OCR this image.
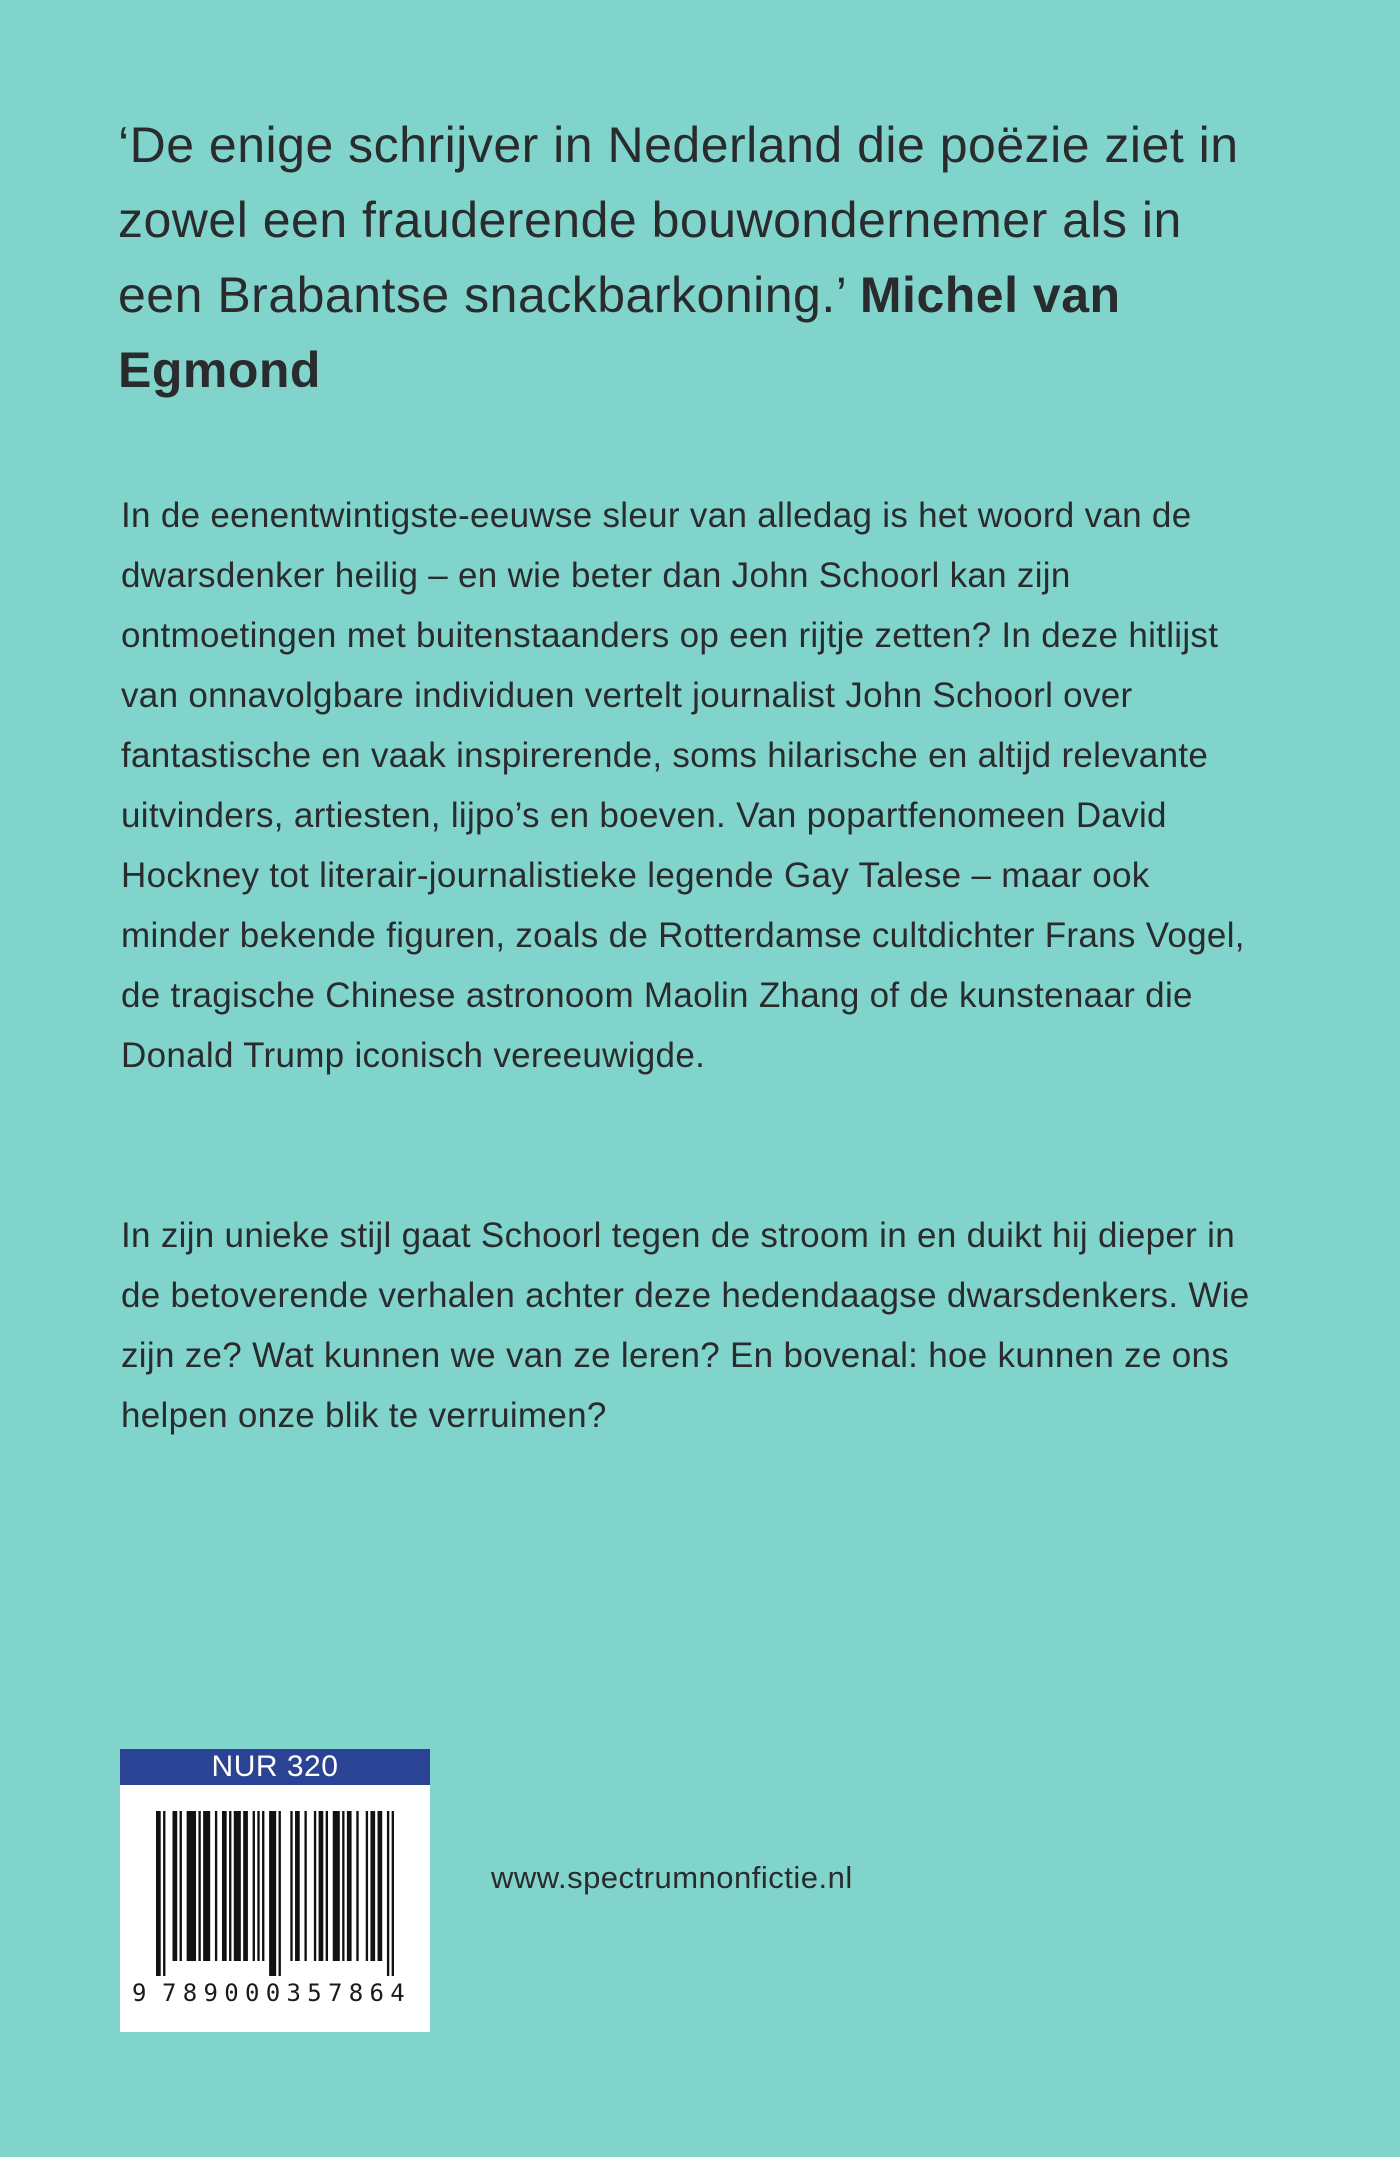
‘De enige schrijver in Nederland die poëzie ziet in zowel een frauderende bouwondernemer als in een Brabantse snackbarkoning.’ Michel van Egmond

In de eenentwintigste-eeuwse sleur van alledag is het woord van de dwarsdenker heilig – en wie beter dan John Schoorl kan zijn ontmoetingen met buitenstaanders op een rijtje zetten? In deze hitlijst van onnavolgbare individuen vertelt journalist John Schoorl over fantastische en vaak inspirerende, soms hilarische en altijd relevante uitvinders, artiesten, lijpo’s en boeven. Van popartfenomeen David Hockney tot literair-journalistieke legende Gay Talese – maar ook minder bekende figuren, zoals de Rotterdamse cultdichter Frans Vogel, de tragische Chinese astronoom Maolin Zhang of de kunstenaar die Donald Trump iconisch vereeuwigde.

In zijn unieke stijl gaat Schoorl tegen de stroom in en duikt hij dieper in de betoverende verhalen achter deze hedendaagse dwarsdenkers. Wie zijn ze? Wat kunnen we van ze leren? En bovenal: hoe kunnen ze ons helpen onze blik te verruimen?

NUR 320
9 789000357864
www.spectrumnonfictie.nl
